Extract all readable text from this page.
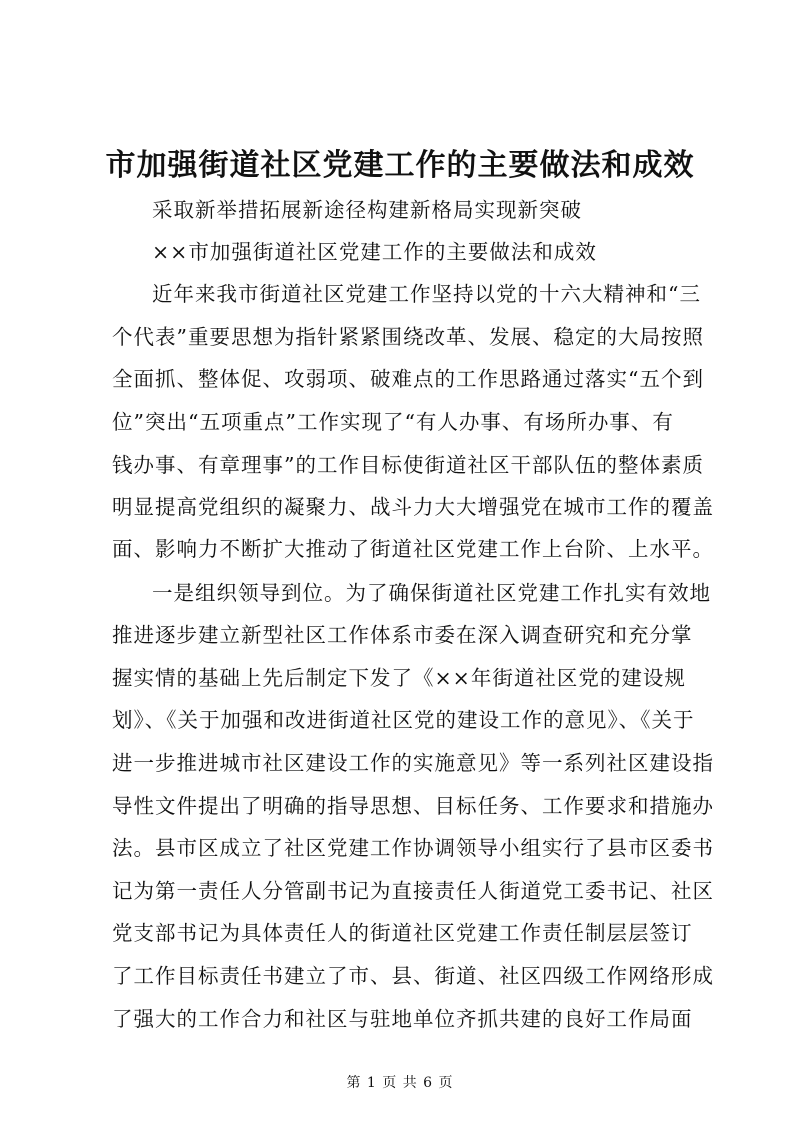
市加强街道社区党建工作的主要做法和成效
采取新举措拓展新途径构建新格局实现新突破
××市加强街道社区党建工作的主要做法和成效
近年来我市街道社区党建工作坚持以党的十六大精神和“三
个代表”重要思想为指针紧紧围绕改革、发展、稳定的大局按照
全面抓、整体促、攻弱项、破难点的工作思路通过落实“五个到
位”突出“五项重点”工作实现了“有人办事、有场所办事、有
钱办事、有章理事”的工作目标使街道社区干部队伍的整体素质
明显提高党组织的凝聚力、战斗力大大增强党在城市工作的覆盖
面、影响力不断扩大推动了街道社区党建工作上台阶、上水平。
一是组织领导到位。为了确保街道社区党建工作扎实有效地
推进逐步建立新型社区工作体系市委在深入调查研究和充分掌
握实情的基础上先后制定下发了《××年街道社区党的建设规
划》、《关于加强和改进街道社区党的建设工作的意见》、《关于
进一步推进城市社区建设工作的实施意见》等一系列社区建设指
导性文件提出了明确的指导思想、目标任务、工作要求和措施办
法。县市区成立了社区党建工作协调领导小组实行了县市区委书
记为第一责任人分管副书记为直接责任人街道党工委书记、社区
党支部书记为具体责任人的街道社区党建工作责任制层层签订
了工作目标责任书建立了市、县、街道、社区四级工作网络形成
了强大的工作合力和社区与驻地单位齐抓共建的良好工作局面
第 1 页 共 6 页
